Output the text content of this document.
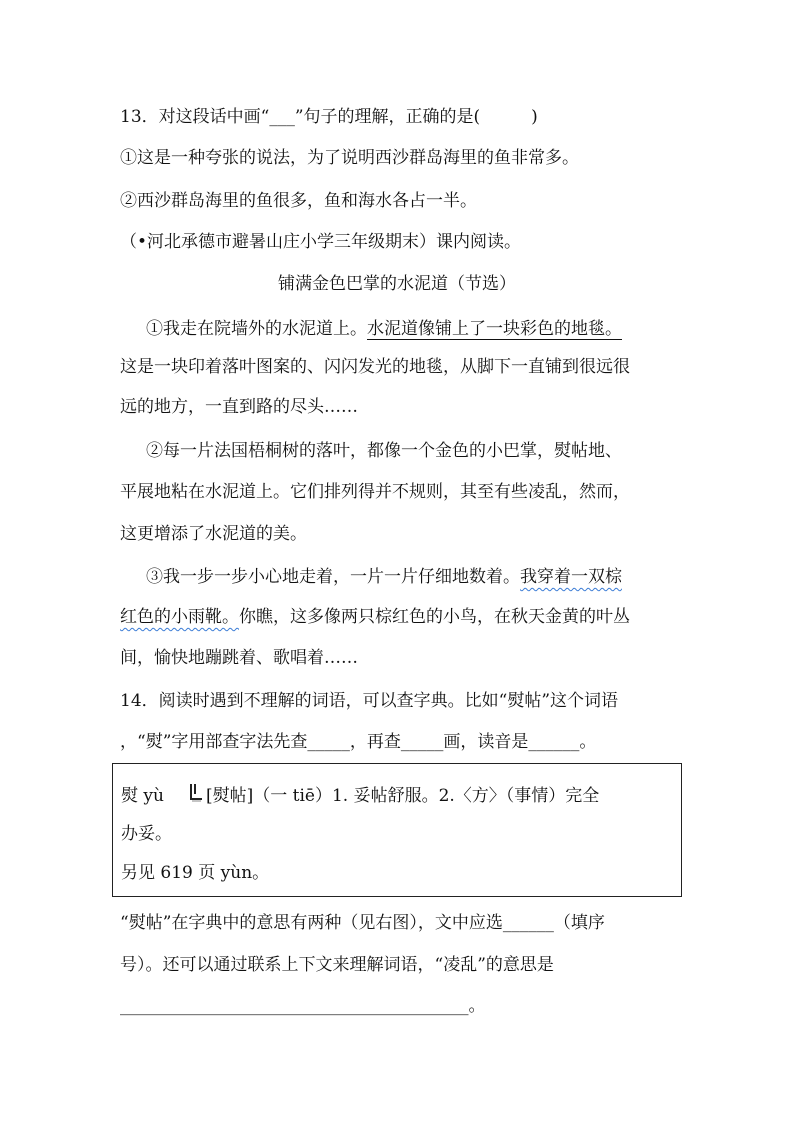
13．对这段话中画“___”句子的理解，正确的是(　　　)
①这是一种夸张的说法，为了说明西沙群岛海里的鱼非常多。
②西沙群岛海里的鱼很多，鱼和海水各占一半。
（•河北承德市避暑山庄小学三年级期末）课内阅读。
铺满金色巴掌的水泥道（节选）
①我走在院墙外的水泥道上。水泥道像铺上了一块彩色的地毯。
这是一块印着落叶图案的、闪闪发光的地毯，从脚下一直铺到很远很
远的地方，一直到路的尽头……
②每一片法国梧桐树的落叶，都像一个金色的小巴掌，熨帖地、
平展地粘在水泥道上。它们排列得并不规则，其至有些凌乱，然而，
这更增添了水泥道的美。
③我一步一步小心地走着，一片一片仔细地数着。我穿着一双棕
红色的小雨靴。你瞧，这多像两只棕红色的小鸟，在秋天金黄的叶丛
间，愉快地蹦跳着、歌唱着……
14．阅读时遇到不理解的词语，可以查字典。比如“熨帖”这个词语
，“熨”字用部查字法先查_____，再查_____画，读音是______。
熨 yù [熨帖]（一 tiē）1. 妥帖舒服。2.〈方〉（事情）完全
办妥。
另见 619 页 yùn。
“熨帖”在字典中的意思有两种（见右图），文中应选______（填序
号）。还可以通过联系上下文来理解词语，“凌乱”的意思是
_________________________________________。
